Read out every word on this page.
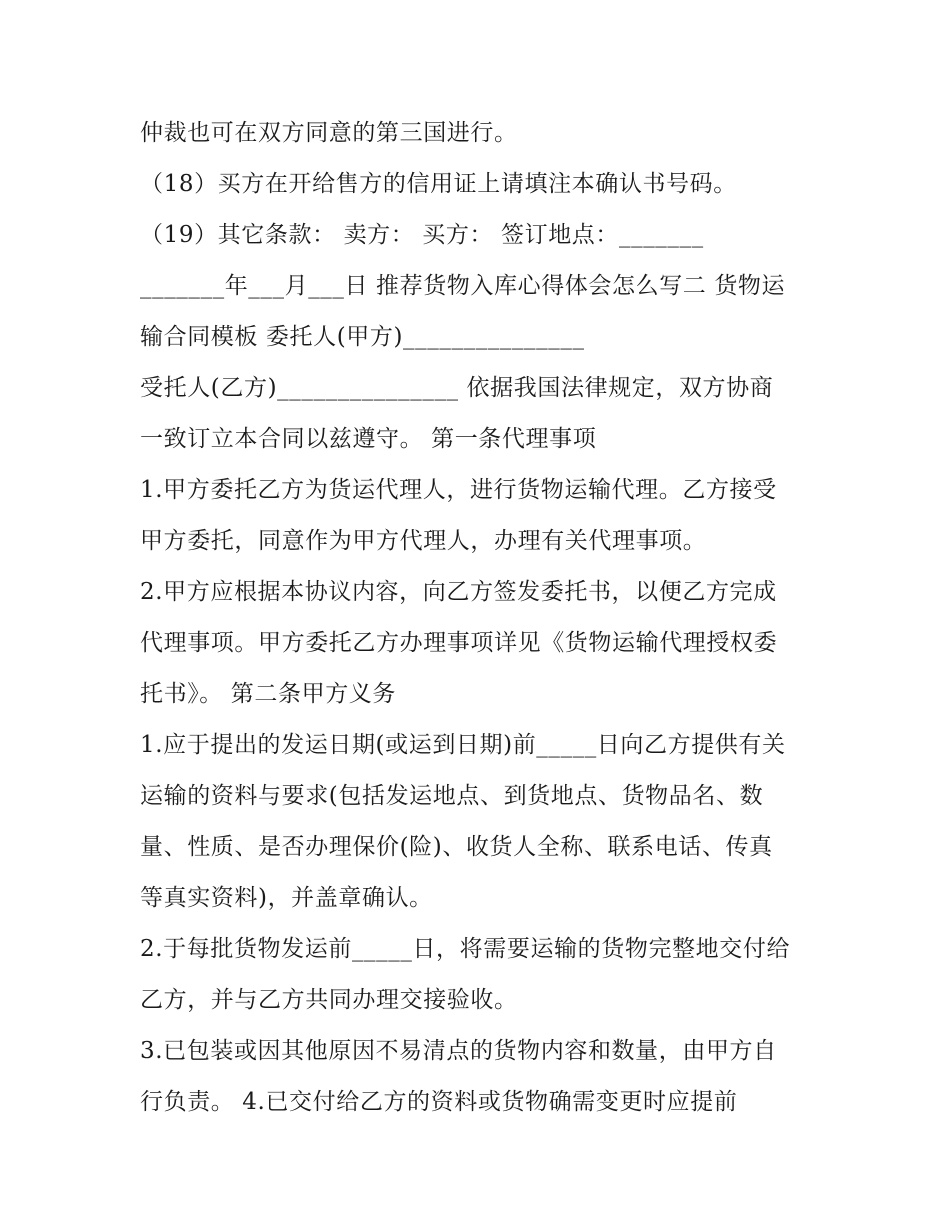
仲裁也可在双方同意的第三国进行。
（18）买方在开给售方的信用证上请填注本确认书号码。
（19）其它条款： 卖方： 买方： 签订地点：_______
_______年___月___日 推荐货物入库心得体会怎么写二 货物运
输合同模板 委托人(甲方)_______________
受托人(乙方)_______________ 依据我国法律规定，双方协商
一致订立本合同以兹遵守。 第一条代理事项
1.甲方委托乙方为货运代理人，进行货物运输代理。乙方接受
甲方委托，同意作为甲方代理人，办理有关代理事项。
2.甲方应根据本协议内容，向乙方签发委托书，以便乙方完成
代理事项。甲方委托乙方办理事项详见《货物运输代理授权委
托书》。 第二条甲方义务
1.应于提出的发运日期(或运到日期)前_____日向乙方提供有关
运输的资料与要求(包括发运地点、到货地点、货物品名、数
量、性质、是否办理保价(险)、收货人全称、联系电话、传真
等真实资料)，并盖章确认。
2.于每批货物发运前_____日，将需要运输的货物完整地交付给
乙方，并与乙方共同办理交接验收。
3.已包装或因其他原因不易清点的货物内容和数量，由甲方自
行负责。 4.已交付给乙方的资料或货物确需变更时应提前
